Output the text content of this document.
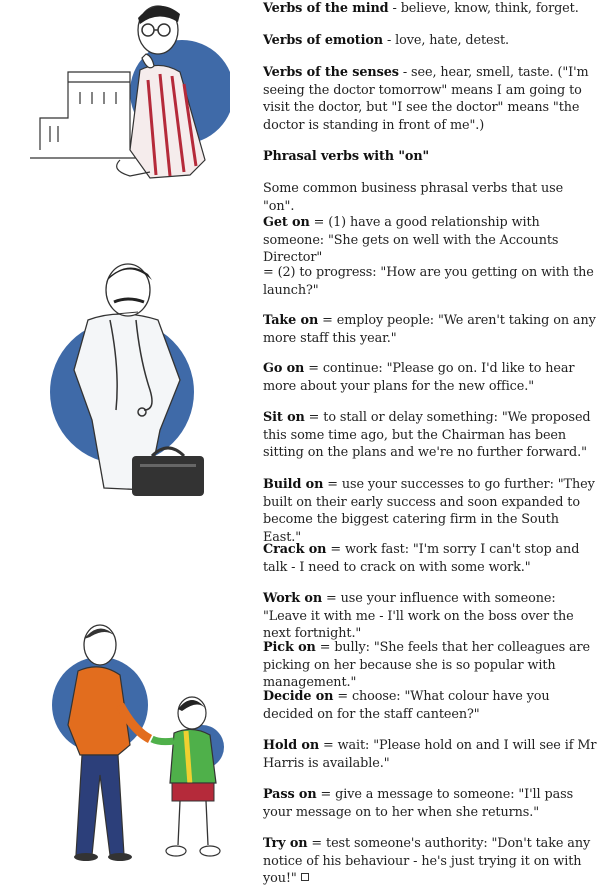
Verbs of the mind - believe, know, think, forget.

Verbs of emotion - love, hate, detest.

Verbs of the senses - see, hear, smell, taste. ("I'm seeing the doctor tomorrow" means I am going to visit the doctor, but "I see the doctor" means "the doctor is standing in front of me".)

Phrasal verbs with "on"

Some common business phrasal verbs that use "on".

Get on = (1) have a good relationship with someone: "She gets on well with the Accounts Director"

= (2) to progress: "How are you getting on with the launch?"

Take on = employ people: "We aren't taking on any more staff this year."

Go on = continue: "Please go on. I'd like to hear more about your plans for the new office."

Sit on = to stall or delay something: "We proposed this some time ago, but the Chairman has been sitting on the plans and we're no further forward."

Build on = use your successes to go further: "They built on their early success and soon expanded to become the biggest catering firm in the South East."

Crack on = work fast: "I'm sorry I can't stop and talk - I need to crack on with some work."

Work on = use your influence with someone: "Leave it with me - I'll work on the boss over the next fortnight."

Pick on = bully: "She feels that her colleagues are picking on her because she is so popular with management."

Decide on = choose: "What colour have you decided on for the staff canteen?"

Hold on = wait: "Please hold on and I will see if Mr Harris is available."

Pass on = give a message to someone: "I'll pass your message on to her when she returns."

Try on = test someone's authority: "Don't take any notice of his behaviour - he's just trying it on with you!"
